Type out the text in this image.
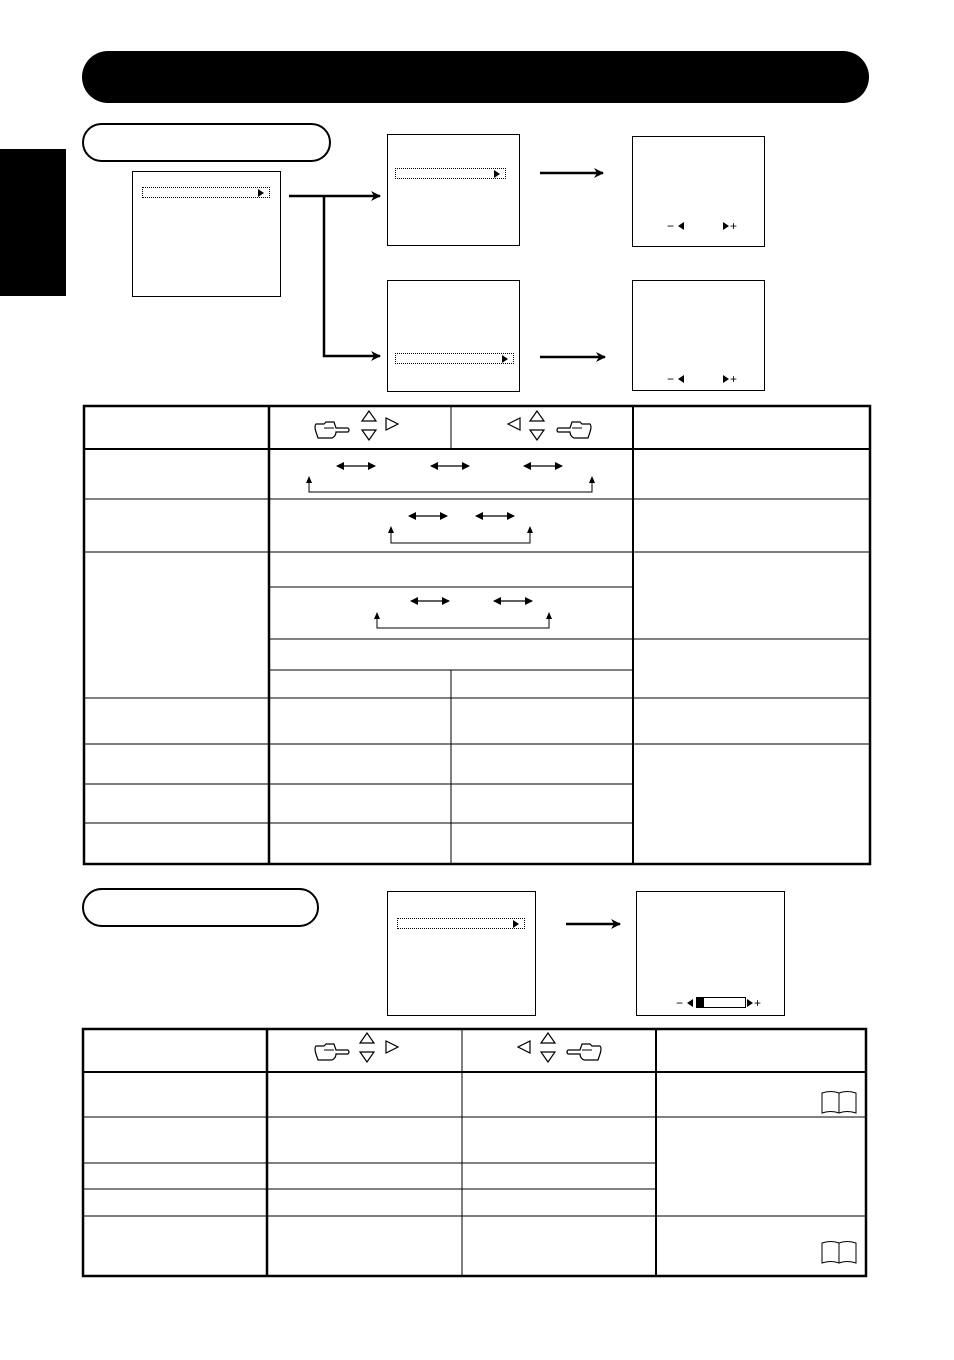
−	+
−	+
−	+
